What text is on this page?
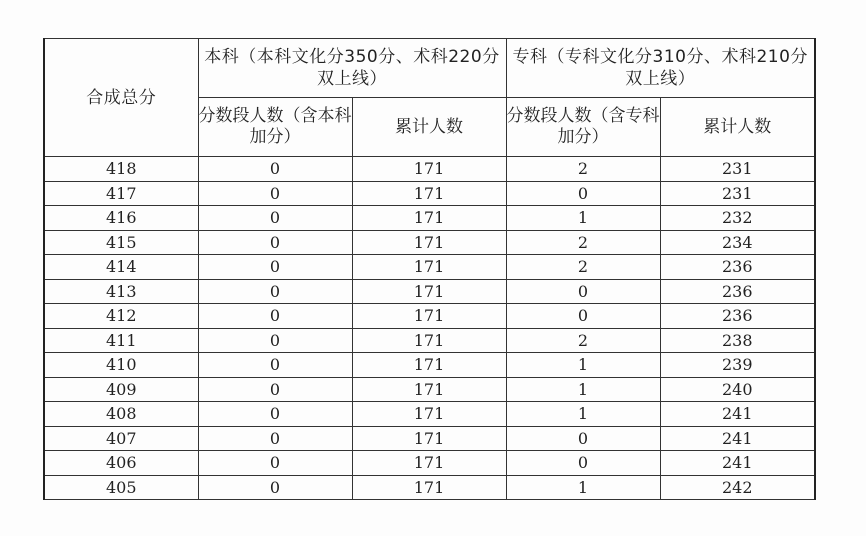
合成总分	本科（本科文化分350分、术科220分双上线）		专科（专科文化分310分、术科210分双上线）	
	分数段人数（含本科加分）	累计人数	分数段人数（含专科加分）	累计人数
418	0	171	2	231
417	0	171	0	231
416	0	171	1	232
415	0	171	2	234
414	0	171	2	236
413	0	171	0	236
412	0	171	0	236
411	0	171	2	238
410	0	171	1	239
409	0	171	1	240
408	0	171	1	241
407	0	171	0	241
406	0	171	0	241
405	0	171	1	242
